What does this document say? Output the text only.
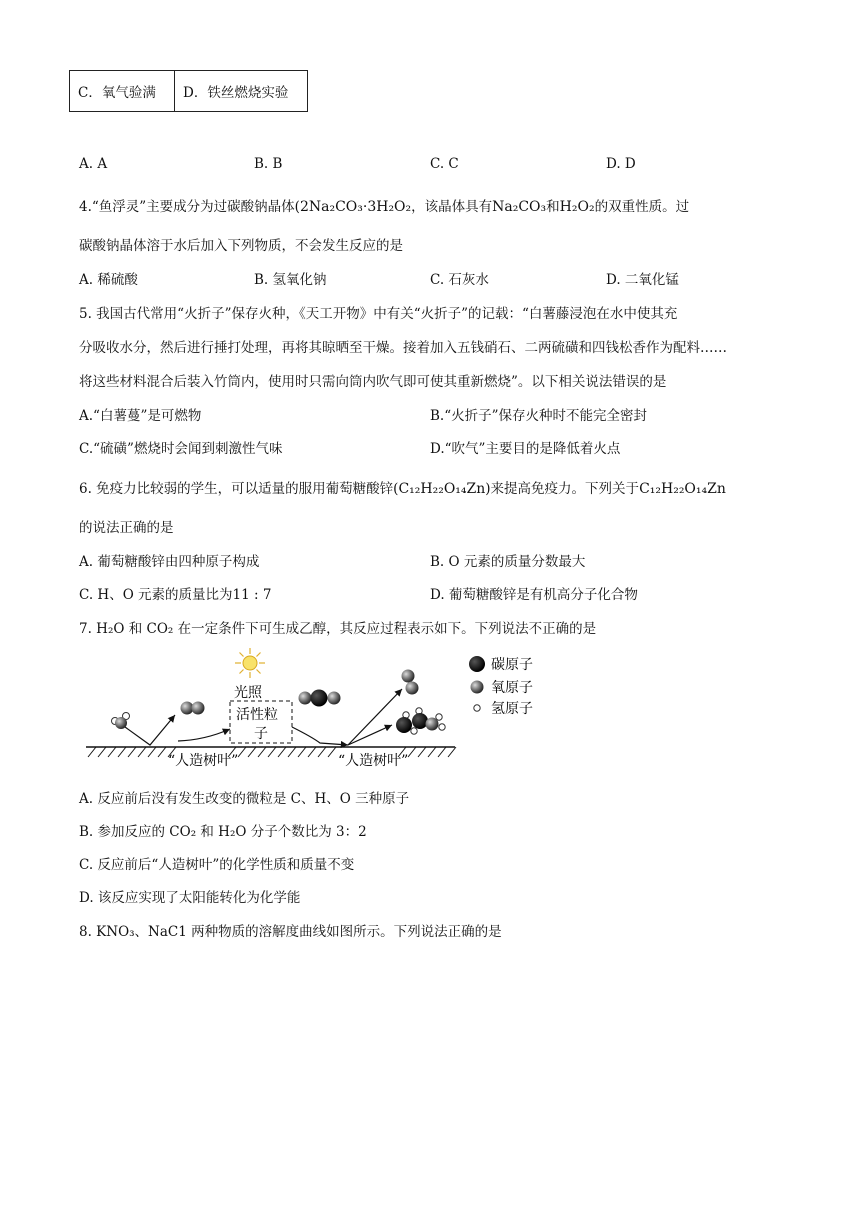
C．氧气验满	D．铁丝燃烧实验
A. A	B. B	C. C	D. D
4.“鱼浮灵”主要成分为过碳酸钠晶体(2Na₂CO₃·3H₂O₂，该晶体具有Na₂CO₃和H₂O₂的双重性质。过
碳酸钠晶体溶于水后加入下列物质，不会发生反应的是
A. 稀硫酸	B. 氢氧化钠	C. 石灰水	D. 二氧化锰
5. 我国古代常用“火折子”保存火种，《天工开物》中有关“火折子”的记载：“白薯藤浸泡在水中使其充
分吸收水分，然后进行捶打处理，再将其晾晒至干燥。接着加入五钱硝石、二两硫磺和四钱松香作为配料……
将这些材料混合后装入竹筒内，使用时只需向筒内吹气即可使其重新燃烧”。以下相关说法错误的是
A.“白薯蔓”是可燃物	B.“火折子”保存火种时不能完全密封
C.“硫磺”燃烧时会闻到刺激性气味	D.“吹气”主要目的是降低着火点
6. 免疫力比较弱的学生，可以适量的服用葡萄糖酸锌(C₁₂H₂₂O₁₄Zn)来提高免疫力。下列关于C₁₂H₂₂O₁₄Zn
的说法正确的是
A. 葡萄糖酸锌由四种原子构成	B. O 元素的质量分数最大
C. H、O 元素的质量比为11 : 7	D. 葡萄糖酸锌是有机高分子化合物
7. H₂O 和 CO₂ 在一定条件下可生成乙醇，其反应过程表示如下。下列说法不正确的是
“人造树叶”	“人造树叶”
光照
活性粒
子
碳原子
氧原子
氢原子
A. 反应前后没有发生改变的微粒是 C、H、O 三种原子
B. 参加反应的 CO₂ 和 H₂O 分子个数比为 3：2
C. 反应前后“人造树叶”的化学性质和质量不变
D. 该反应实现了太阳能转化为化学能
8. KNO₃、NaC1 两种物质的溶解度曲线如图所示。下列说法正确的是
